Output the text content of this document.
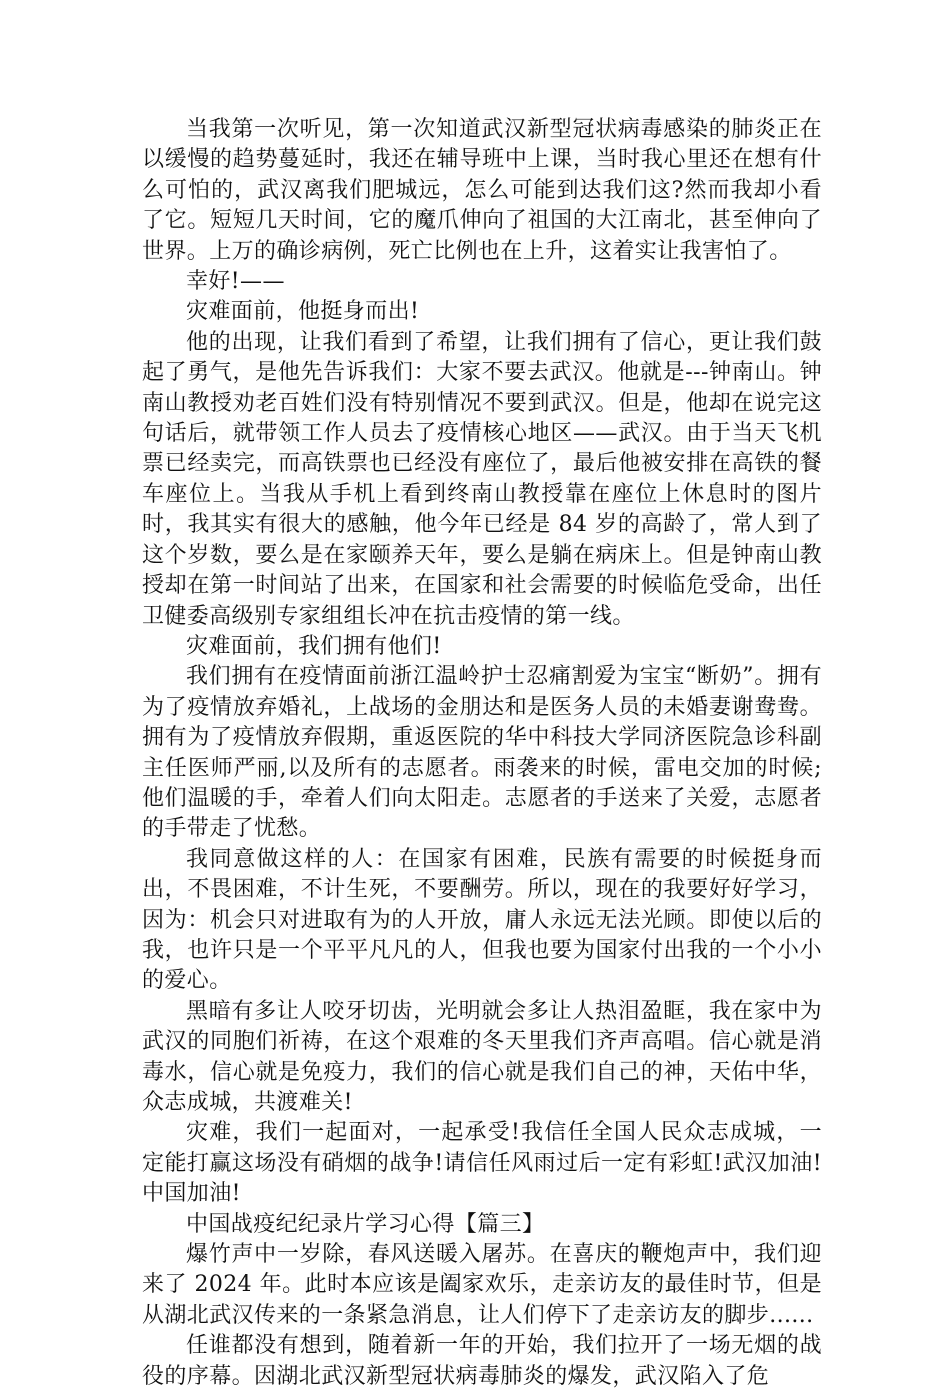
当我第一次听见，第一次知道武汉新型冠状病毒感染的肺炎正在以缓慢的趋势蔓延时，我还在辅导班中上课，当时我心里还在想有什么可怕的，武汉离我们肥城远，怎么可能到达我们这?然而我却小看了它。短短几天时间，它的魔爪伸向了祖国的大江南北，甚至伸向了世界。上万的确诊病例，死亡比例也在上升，这着实让我害怕了。

幸好!——

灾难面前，他挺身而出!

他的出现，让我们看到了希望，让我们拥有了信心，更让我们鼓起了勇气，是他先告诉我们：大家不要去武汉。他就是---钟南山。钟南山教授劝老百姓们没有特别情况不要到武汉。但是，他却在说完这句话后，就带领工作人员去了疫情核心地区——武汉。由于当天飞机票已经卖完，而高铁票也已经没有座位了，最后他被安排在高铁的餐车座位上。当我从手机上看到终南山教授靠在座位上休息时的图片时，我其实有很大的感触，他今年已经是 84 岁的高龄了，常人到了这个岁数，要么是在家颐养天年，要么是躺在病床上。但是钟南山教授却在第一时间站了出来，在国家和社会需要的时候临危受命，出任卫健委高级别专家组组长冲在抗击疫情的第一线。

灾难面前，我们拥有他们!

我们拥有在疫情面前浙江温岭护士忍痛割爱为宝宝“断奶”。拥有为了疫情放弃婚礼，上战场的金朋达和是医务人员的未婚妻谢鸯鸯。拥有为了疫情放弃假期，重返医院的华中科技大学同济医院急诊科副主任医师严丽,以及所有的志愿者。雨袭来的时候，雷电交加的时候;他们温暖的手，牵着人们向太阳走。志愿者的手送来了关爱，志愿者的手带走了忧愁。

我同意做这样的人：在国家有困难，民族有需要的时候挺身而出，不畏困难，不计生死，不要酬劳。所以，现在的我要好好学习，因为：机会只对进取有为的人开放，庸人永远无法光顾。即使以后的我，也许只是一个平平凡凡的人，但我也要为国家付出我的一个小小的爱心。

黑暗有多让人咬牙切齿，光明就会多让人热泪盈眶，我在家中为武汉的同胞们祈祷，在这个艰难的冬天里我们齐声高唱。信心就是消毒水，信心就是免疫力，我们的信心就是我们自己的神，天佑中华，众志成城，共渡难关!

灾难，我们一起面对，一起承受!我信任全国人民众志成城，一定能打赢这场没有硝烟的战争!请信任风雨过后一定有彩虹!武汉加油!中国加油!

中国战疫纪纪录片学习心得【篇三】

爆竹声中一岁除，春风送暖入屠苏。在喜庆的鞭炮声中，我们迎来了 2024 年。此时本应该是阖家欢乐，走亲访友的最佳时节，但是从湖北武汉传来的一条紧急消息，让人们停下了走亲访友的脚步......

任谁都没有想到，随着新一年的开始，我们拉开了一场无烟的战役的序幕。因湖北武汉新型冠状病毒肺炎的爆发，武汉陷入了危
